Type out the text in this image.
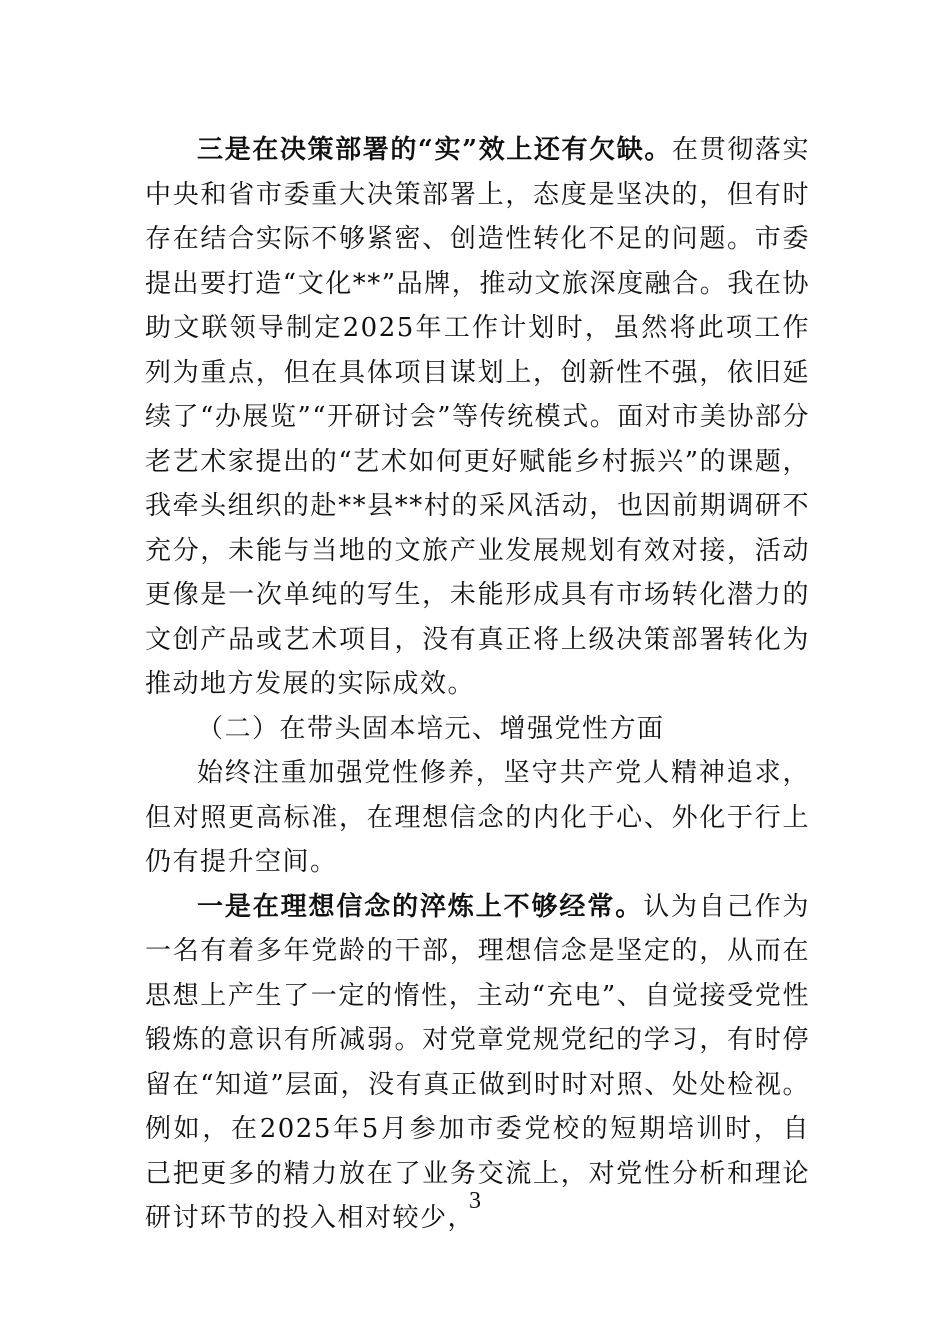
三是在决策部署的“实”效上还有欠缺。在贯彻落实中央和省市委重大决策部署上，态度是坚决的，但有时存在结合实际不够紧密、创造性转化不足的问题。市委提出要打造“文化**”品牌，推动文旅深度融合。我在协助文联领导制定2025年工作计划时，虽然将此项工作列为重点，但在具体项目谋划上，创新性不强，依旧延续了“办展览”“开研讨会”等传统模式。面对市美协部分老艺术家提出的“艺术如何更好赋能乡村振兴”的课题，我牵头组织的赴**县**村的采风活动，也因前期调研不充分，未能与当地的文旅产业发展规划有效对接，活动更像是一次单纯的写生，未能形成具有市场转化潜力的文创产品或艺术项目，没有真正将上级决策部署转化为推动地方发展的实际成效。

（二）在带头固本培元、增强党性方面

始终注重加强党性修养，坚守共产党人精神追求，但对照更高标准，在理想信念的内化于心、外化于行上仍有提升空间。

一是在理想信念的淬炼上不够经常。认为自己作为一名有着多年党龄的干部，理想信念是坚定的，从而在思想上产生了一定的惰性，主动“充电”、自觉接受党性锻炼的意识有所减弱。对党章党规党纪的学习，有时停留在“知道”层面，没有真正做到时时对照、处处检视。例如，在2025年5月参加市委党校的短期培训时，自己把更多的精力放在了业务交流上，对党性分析和理论研讨环节的投入相对较少，

3
